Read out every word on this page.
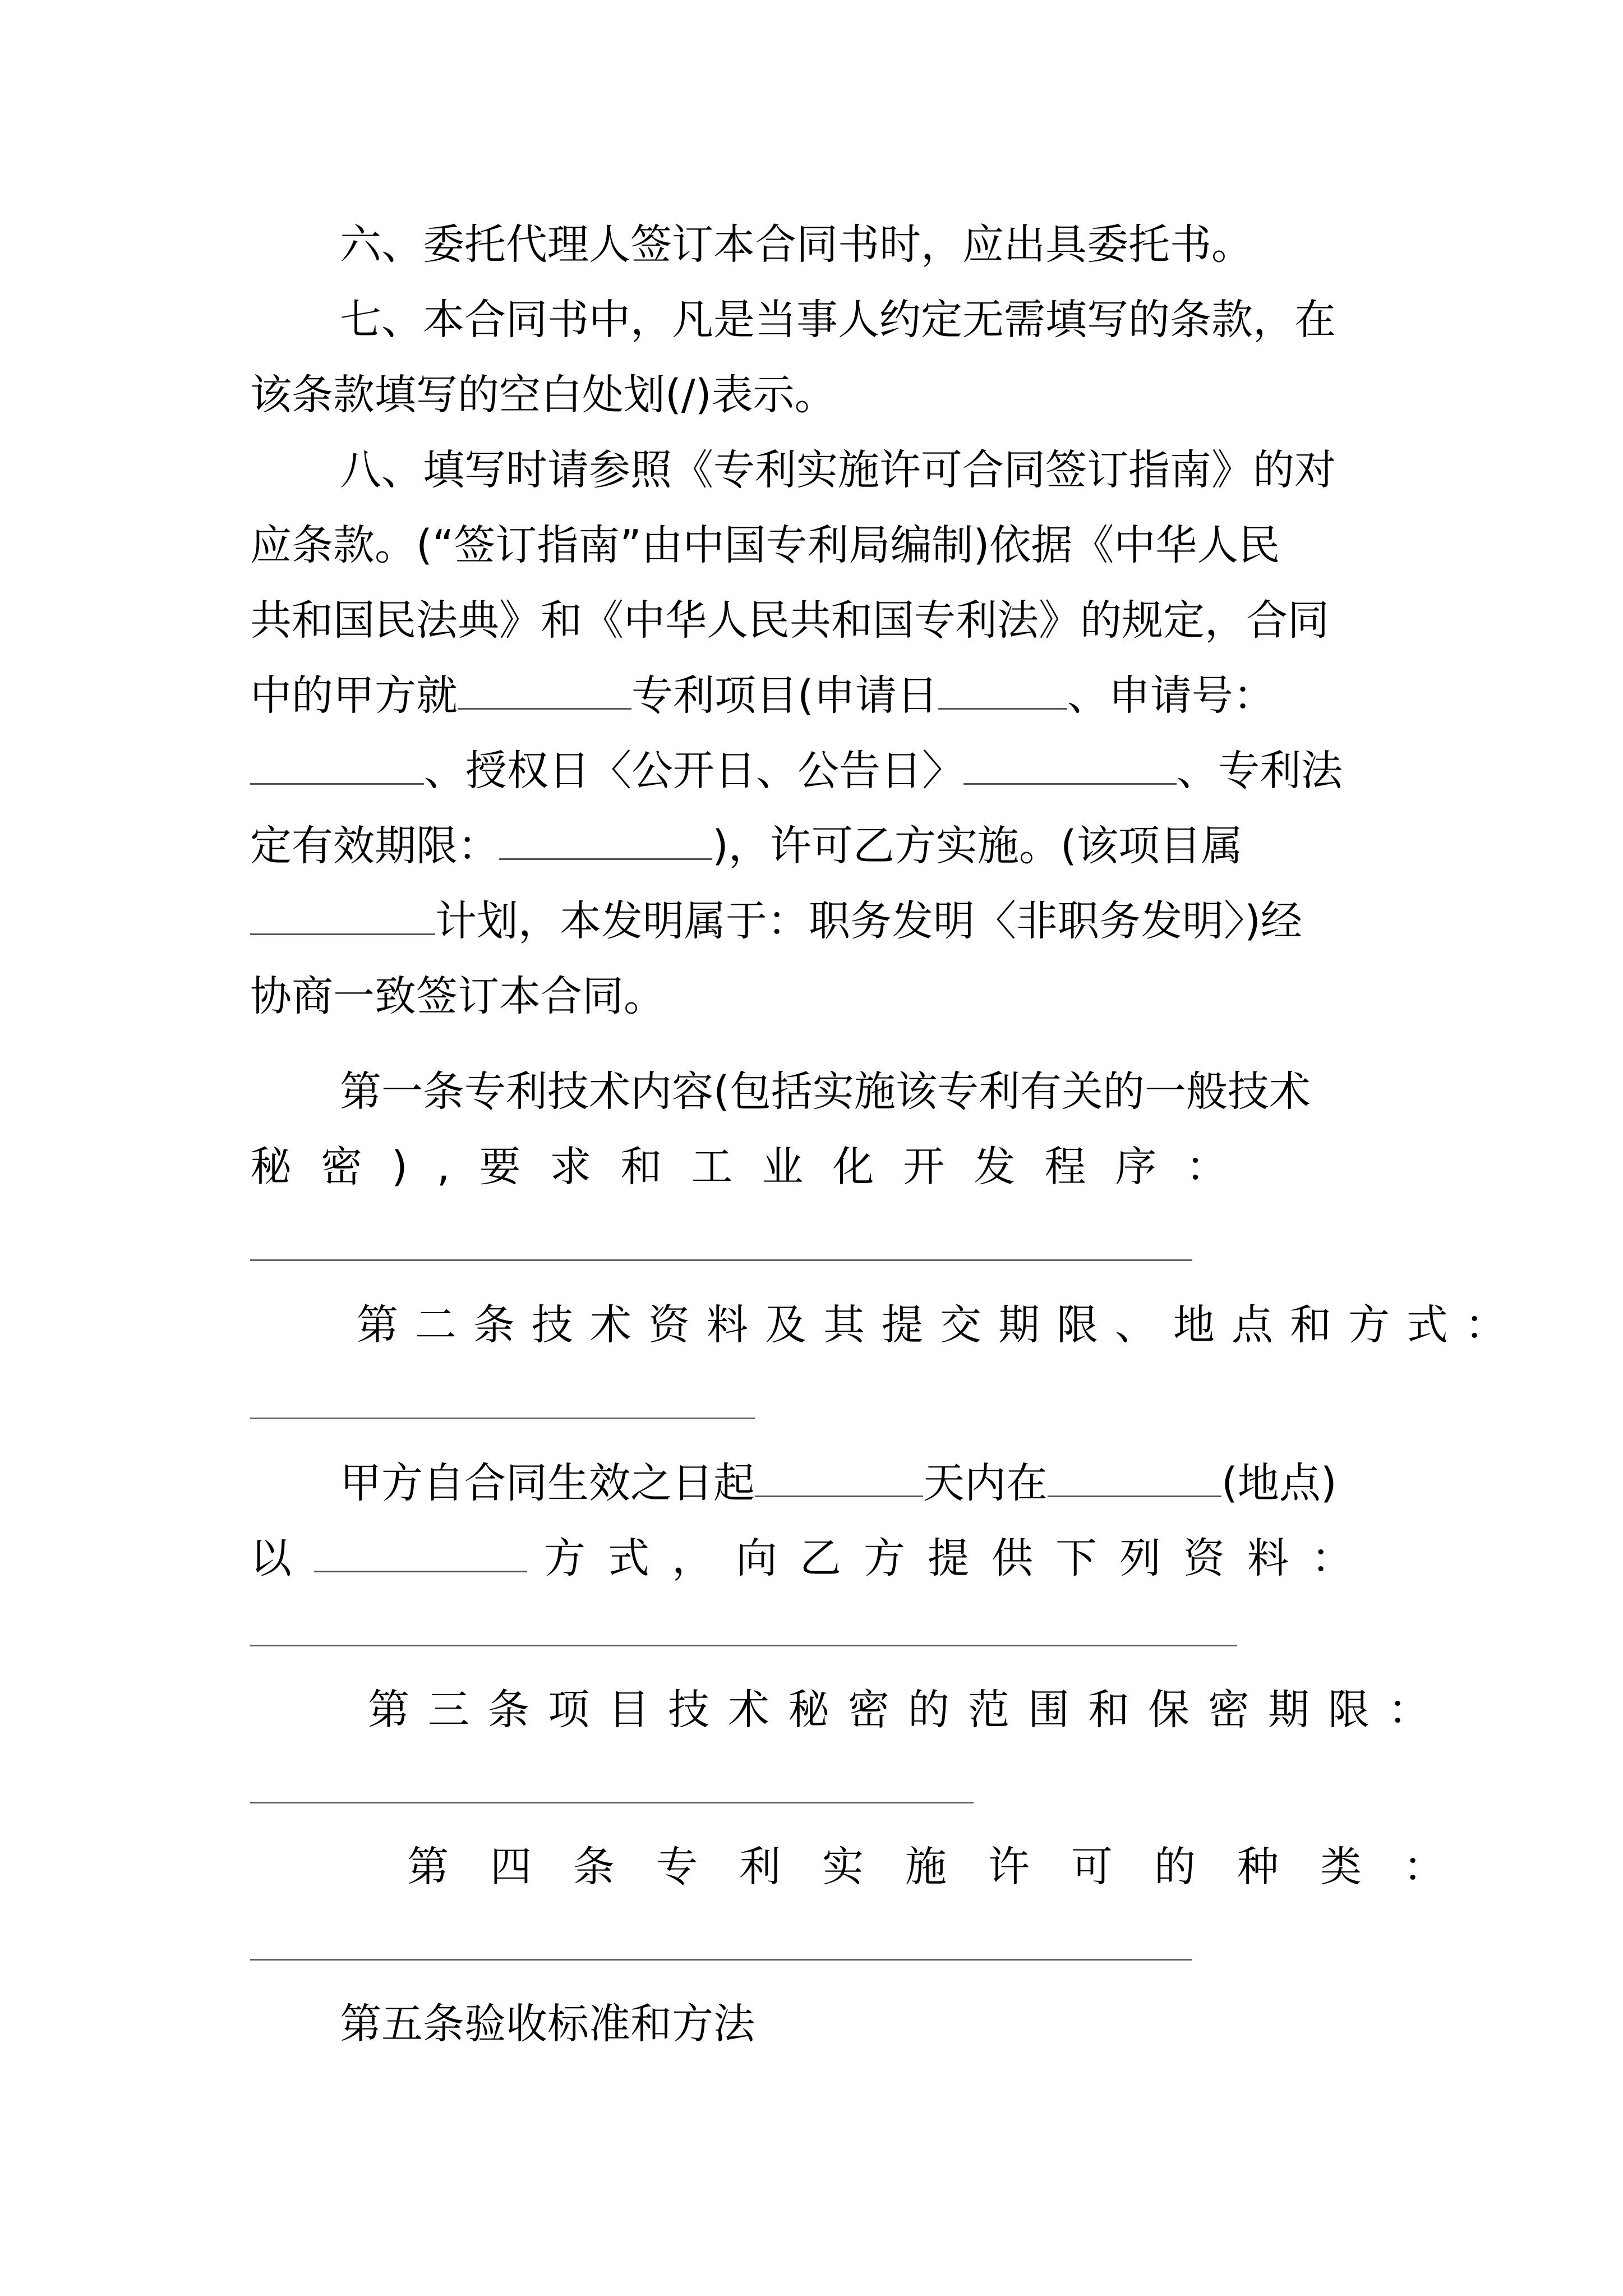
六、委托代理人签订本合同书时，应出具委托书。
七、本合同书中，凡是当事人约定无需填写的条款，在
该条款填写的空白处划(/)表示。
八、填写时请参照《专利实施许可合同签订指南》的对
应条款。(“签订指南”由中国专利局编制)依据《中华人民
共和国民法典》和《中华人民共和国专利法》的规定，合同
中的甲方就	专利项目(申请日	、申请号：
、授权日〈公开日、公告日〉	、专利法
定有效期限：	)，许可乙方实施。(该项目属
计划，本发明属于：职务发明〈非职务发明〉)经
协商一致签订本合同。
第一条专利技术内容(包括实施该专利有关的一般技术
秘密),要求和工业化开发程序：
第二条技术资料及其提交期限、地点和方式：
甲方自合同生效之日起	天内在	(地点)
以	方式，向乙方提供下列资料：
第三条项目技术秘密的范围和保密期限：
第四条专利实施许可的种类：
第五条验收标准和方法
